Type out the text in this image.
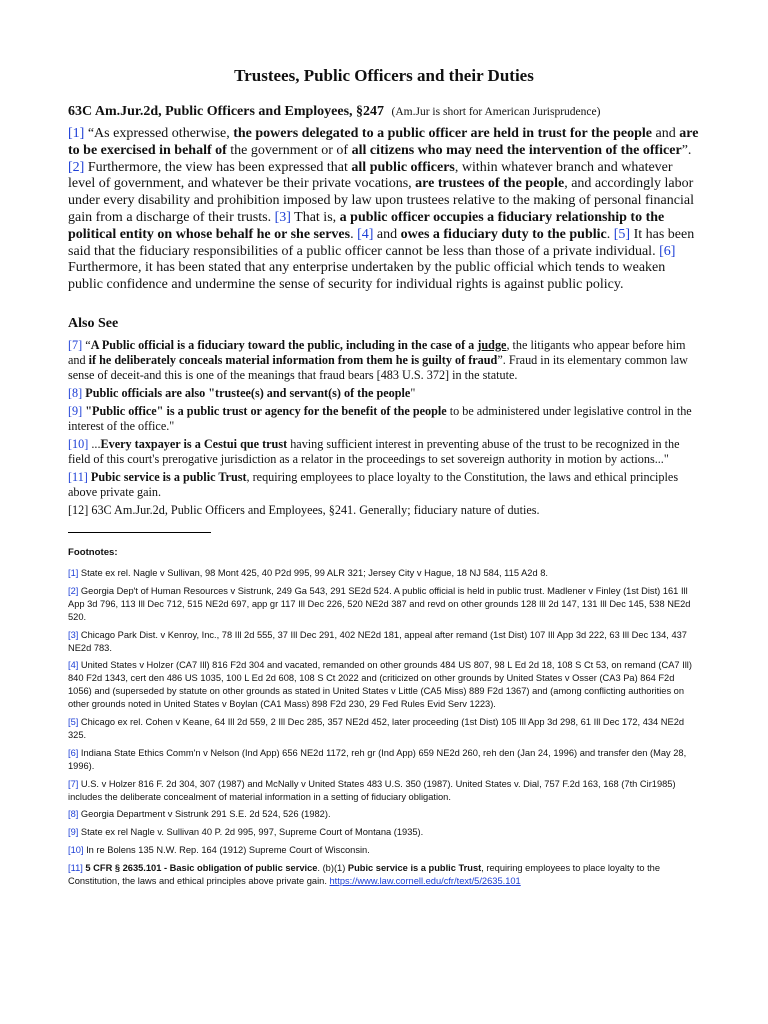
Trustees, Public Officers and their Duties
63C Am.Jur.2d, Public Officers and Employees, §247 (Am.Jur is short for American Jurisprudence)

[1] “As expressed otherwise, the powers delegated to a public officer are held in trust for the people and are to be exercised in behalf of the government or of all citizens who may need the intervention of the officer”. [2] Furthermore, the view has been expressed that all public officers, within whatever branch and whatever level of government, and whatever be their private vocations, are trustees of the people, and accordingly labor under every disability and prohibition imposed by law upon trustees relative to the making of personal financial gain from a discharge of their trusts. [3] That is, a public officer occupies a fiduciary relationship to the political entity on whose behalf he or she serves. [4] and owes a fiduciary duty to the public. [5] It has been said that the fiduciary responsibilities of a public officer cannot be less than those of a private individual. [6] Furthermore, it has been stated that any enterprise undertaken by the public official which tends to weaken public confidence and undermine the sense of security for individual rights is against public policy.

Also See

[7] “A Public official is a fiduciary toward the public, including in the case of a judge, the litigants who appear before him and if he deliberately conceals material information from them he is guilty of fraud”. Fraud in its elementary common law sense of deceit-and this is one of the meanings that fraud bears [483 U.S. 372] in the statute.

[8] Public officials are also "trustee(s) and servant(s) of the people"

[9] "Public office" is a public trust or agency for the benefit of the people to be administered under legislative control in the interest of the office."

[10] ...Every taxpayer is a Cestui que trust having sufficient interest in preventing abuse of the trust to be recognized in the field of this court's prerogative jurisdiction as a relator in the proceedings to set sovereign authority in motion by actions..."

[11] Pubic service is a public Trust, requiring employees to place loyalty to the Constitution, the laws and ethical principles above private gain.

[12] 63C Am.Jur.2d, Public Officers and Employees, §241. Generally; fiduciary nature of duties.

Footnotes:

[1] State ex rel. Nagle v Sullivan, 98 Mont 425, 40 P2d 995, 99 ALR 321; Jersey City v Hague, 18 NJ 584, 115 A2d 8.

[2] Georgia Dep't of Human Resources v Sistrunk, 249 Ga 543, 291 SE2d 524. A public official is held in public trust. Madlener v Finley (1st Dist) 161 Ill App 3d 796, 113 Ill Dec 712, 515 NE2d 697, app gr 117 Ill Dec 226, 520 NE2d 387 and revd on other grounds 128 Ill 2d 147, 131 Ill Dec 145, 538 NE2d 520.

[3] Chicago Park Dist. v Kenroy, Inc., 78 Ill 2d 555, 37 Ill Dec 291, 402 NE2d 181, appeal after remand (1st Dist) 107 Ill App 3d 222, 63 Ill Dec 134, 437 NE2d 783.

[4] United States v Holzer (CA7 Ill) 816 F2d 304 and vacated, remanded on other grounds 484 US 807, 98 L Ed 2d 18, 108 S Ct 53, on remand (CA7 Ill) 840 F2d 1343, cert den 486 US 1035, 100 L Ed 2d 608, 108 S Ct 2022 and (criticized on other grounds by United States v Osser (CA3 Pa) 864 F2d 1056) and (superseded by statute on other grounds as stated in United States v Little (CA5 Miss) 889 F2d 1367) and (among conflicting authorities on other grounds noted in United States v Boylan (CA1 Mass) 898 F2d 230, 29 Fed Rules Evid Serv 1223).

[5] Chicago ex rel. Cohen v Keane, 64 Ill 2d 559, 2 Ill Dec 285, 357 NE2d 452, later proceeding (1st Dist) 105 Ill App 3d 298, 61 Ill Dec 172, 434 NE2d 325.

[6] Indiana State Ethics Comm'n v Nelson (Ind App) 656 NE2d 1172, reh gr (Ind App) 659 NE2d 260, reh den (Jan 24, 1996) and transfer den (May 28, 1996).

[7] U.S. v Holzer 816 F. 2d 304, 307 (1987) and McNally v United States 483 U.S. 350 (1987). United States v. Dial, 757 F.2d 163, 168 (7th Cir1985) includes the deliberate concealment of material information in a setting of fiduciary obligation.

[8] Georgia Department v Sistrunk 291 S.E. 2d 524, 526 (1982).

[9] State ex rel Nagle v. Sullivan 40 P. 2d 995, 997, Supreme Court of Montana (1935).

[10] In re Bolens 135 N.W. Rep. 164 (1912) Supreme Court of Wisconsin.

[11] 5 CFR § 2635.101 - Basic obligation of public service. (b)(1) Pubic service is a public Trust, requiring employees to place loyalty to the Constitution, the laws and ethical principles above private gain. https://www.law.cornell.edu/cfr/text/5/2635.101
